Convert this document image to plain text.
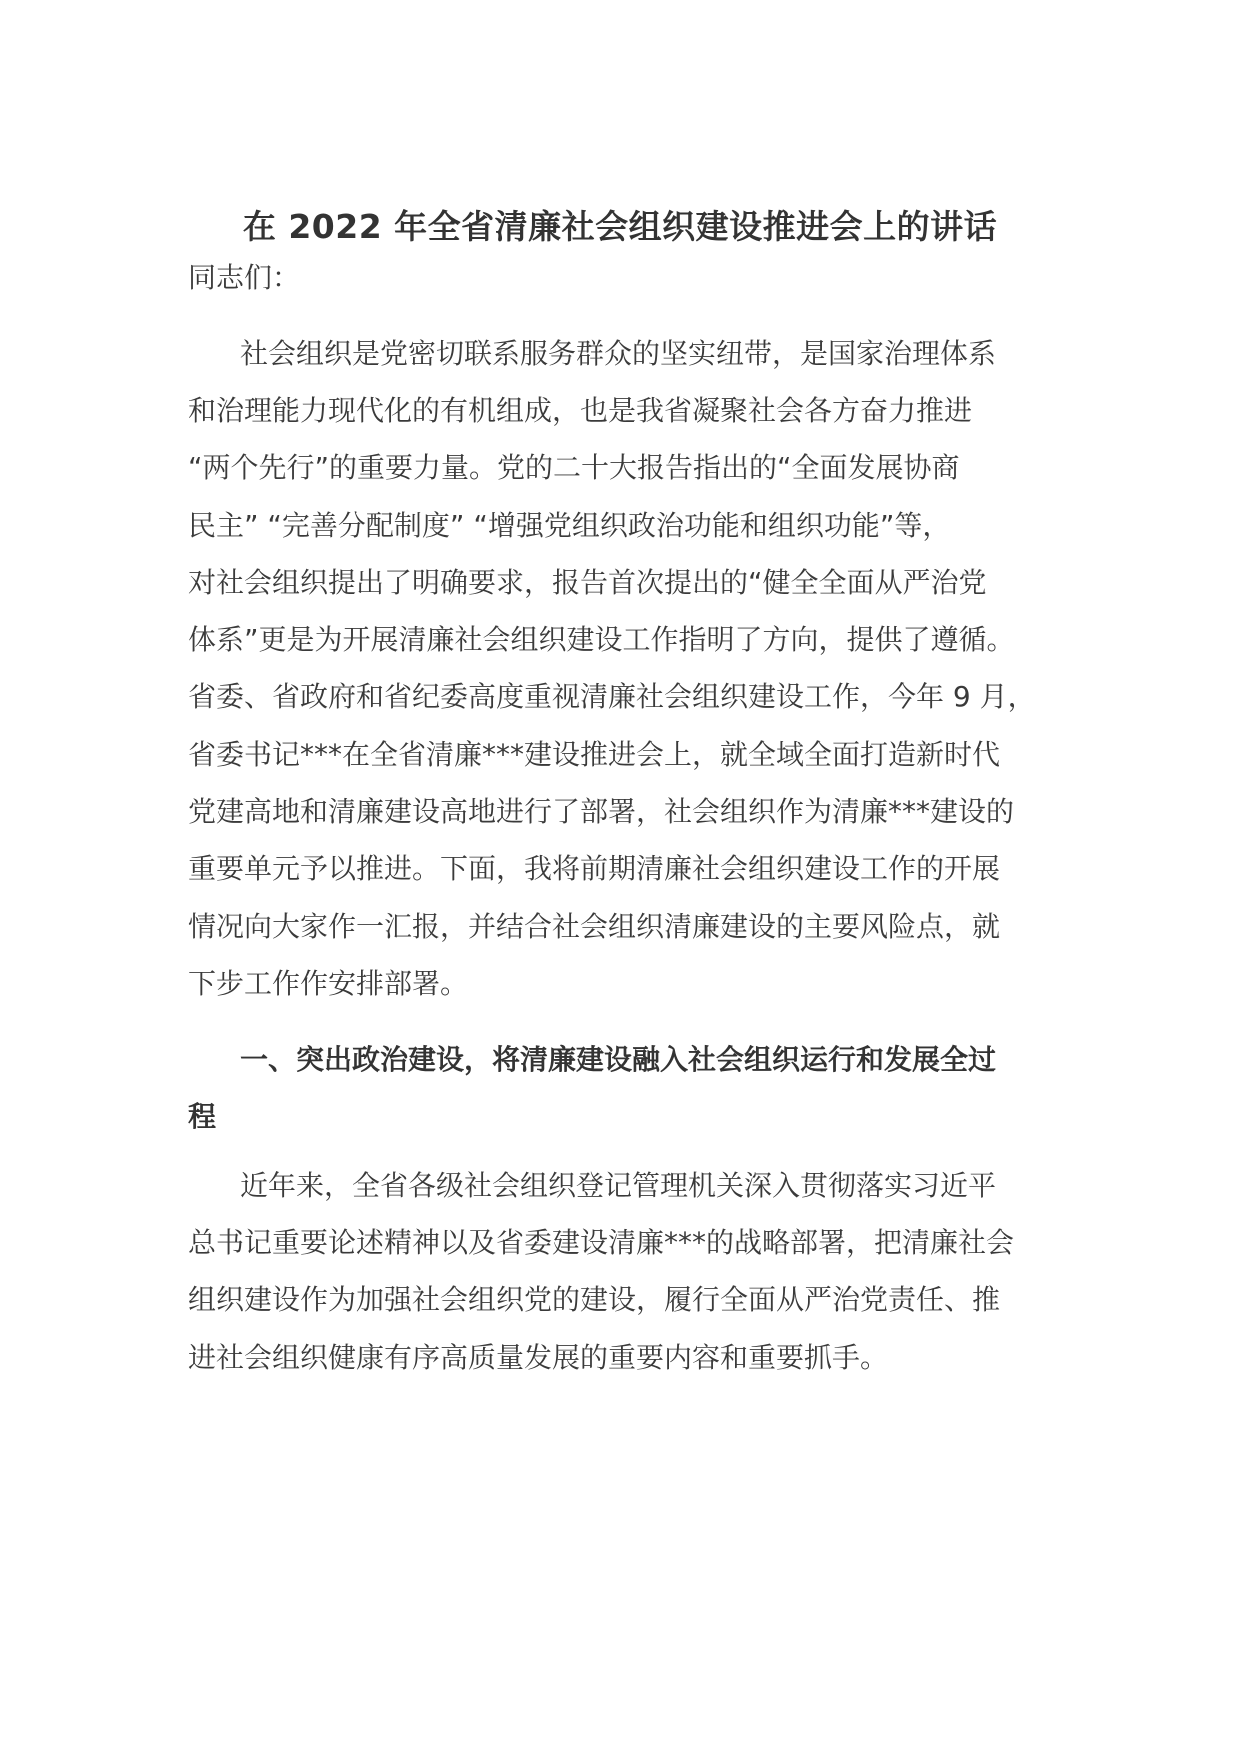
在 2022 年全省清廉社会组织建设推进会上的讲话
同志们：
社会组织是党密切联系服务群众的坚实纽带，是国家治理体系
和治理能力现代化的有机组成，也是我省凝聚社会各方奋力推进
“两个先行”的重要力量。党的二十大报告指出的“全面发展协商
民主” “完善分配制度” “增强党组织政治功能和组织功能”等，
对社会组织提出了明确要求，报告首次提出的“健全全面从严治党
体系”更是为开展清廉社会组织建设工作指明了方向，提供了遵循。
省委、省政府和省纪委高度重视清廉社会组织建设工作，今年 9 月，
省委书记***在全省清廉***建设推进会上，就全域全面打造新时代
党建高地和清廉建设高地进行了部署，社会组织作为清廉***建设的
重要单元予以推进。下面，我将前期清廉社会组织建设工作的开展
情况向大家作一汇报，并结合社会组织清廉建设的主要风险点，就
下步工作作安排部署。
一、突出政治建设，将清廉建设融入社会组织运行和发展全过
程
近年来，全省各级社会组织登记管理机关深入贯彻落实习近平
总书记重要论述精神以及省委建设清廉***的战略部署，把清廉社会
组织建设作为加强社会组织党的建设，履行全面从严治党责任、推
进社会组织健康有序高质量发展的重要内容和重要抓手。
